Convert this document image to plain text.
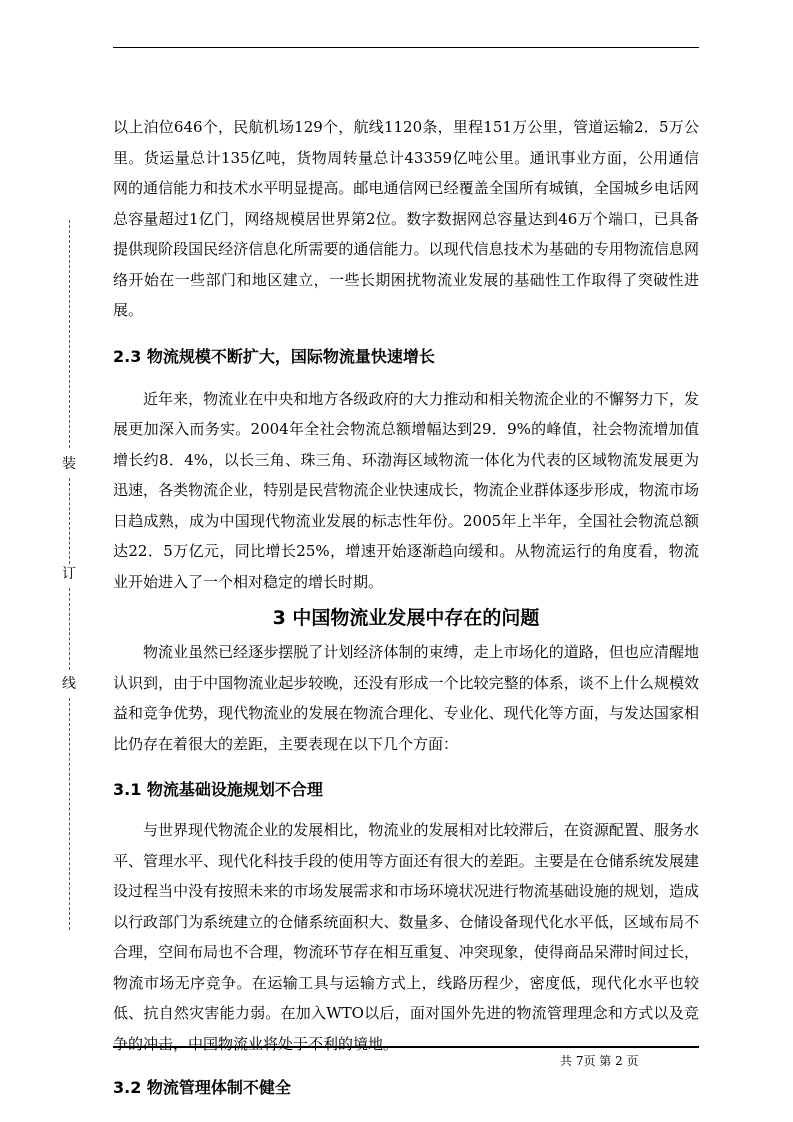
装
订
线

以上泊位646个，民航机场129个，航线1120条，里程151万公里，管道运输2．5万公里。货运量总计135亿吨，货物周转量总计43359亿吨公里。通讯事业方面，公用通信网的通信能力和技术水平明显提高。邮电通信网已经覆盖全国所有城镇，全国城乡电话网总容量超过1亿门，网络规模居世界第2位。数字数据网总容量达到46万个端口，已具备提供现阶段国民经济信息化所需要的通信能力。以现代信息技术为基础的专用物流信息网络开始在一些部门和地区建立，一些长期困扰物流业发展的基础性工作取得了突破性进展。

2.3 物流规模不断扩大，国际物流量快速增长

近年来，物流业在中央和地方各级政府的大力推动和相关物流企业的不懈努力下，发展更加深入而务实。2004年全社会物流总额增幅达到29．9%的峰值，社会物流增加值增长约8．4%，以长三角、珠三角、环渤海区域物流一体化为代表的区域物流发展更为迅速，各类物流企业，特别是民营物流企业快速成长，物流企业群体逐步形成，物流市场日趋成熟，成为中国现代物流业发展的标志性年份。2005年上半年，全国社会物流总额达22．5万亿元，同比增长25%，增速开始逐渐趋向缓和。从物流运行的角度看，物流业开始进入了一个相对稳定的增长时期。

3 中国物流业发展中存在的问题

物流业虽然已经逐步摆脱了计划经济体制的束缚，走上市场化的道路，但也应清醒地认识到，由于中国物流业起步较晚，还没有形成一个比较完整的体系，谈不上什么规模效益和竞争优势，现代物流业的发展在物流合理化、专业化、现代化等方面，与发达国家相比仍存在着很大的差距，主要表现在以下几个方面：

3.1 物流基础设施规划不合理

与世界现代物流企业的发展相比，物流业的发展相对比较滞后，在资源配置、服务水平、管理水平、现代化科技手段的使用等方面还有很大的差距。主要是在仓储系统发展建设过程当中没有按照未来的市场发展需求和市场环境状况进行物流基础设施的规划，造成以行政部门为系统建立的仓储系统面积大、数量多、仓储设备现代化水平低，区域布局不合理，空间布局也不合理，物流环节存在相互重复、冲突现象，使得商品呆滞时间过长，物流市场无序竞争。在运输工具与运输方式上，线路历程少，密度低，现代化水平也较低、抗自然灾害能力弱。在加入WTO以后，面对国外先进的物流管理理念和方式以及竞争的冲击，中国物流业将处于不利的境地。

3.2 物流管理体制不健全
共 7页 第 2 页
